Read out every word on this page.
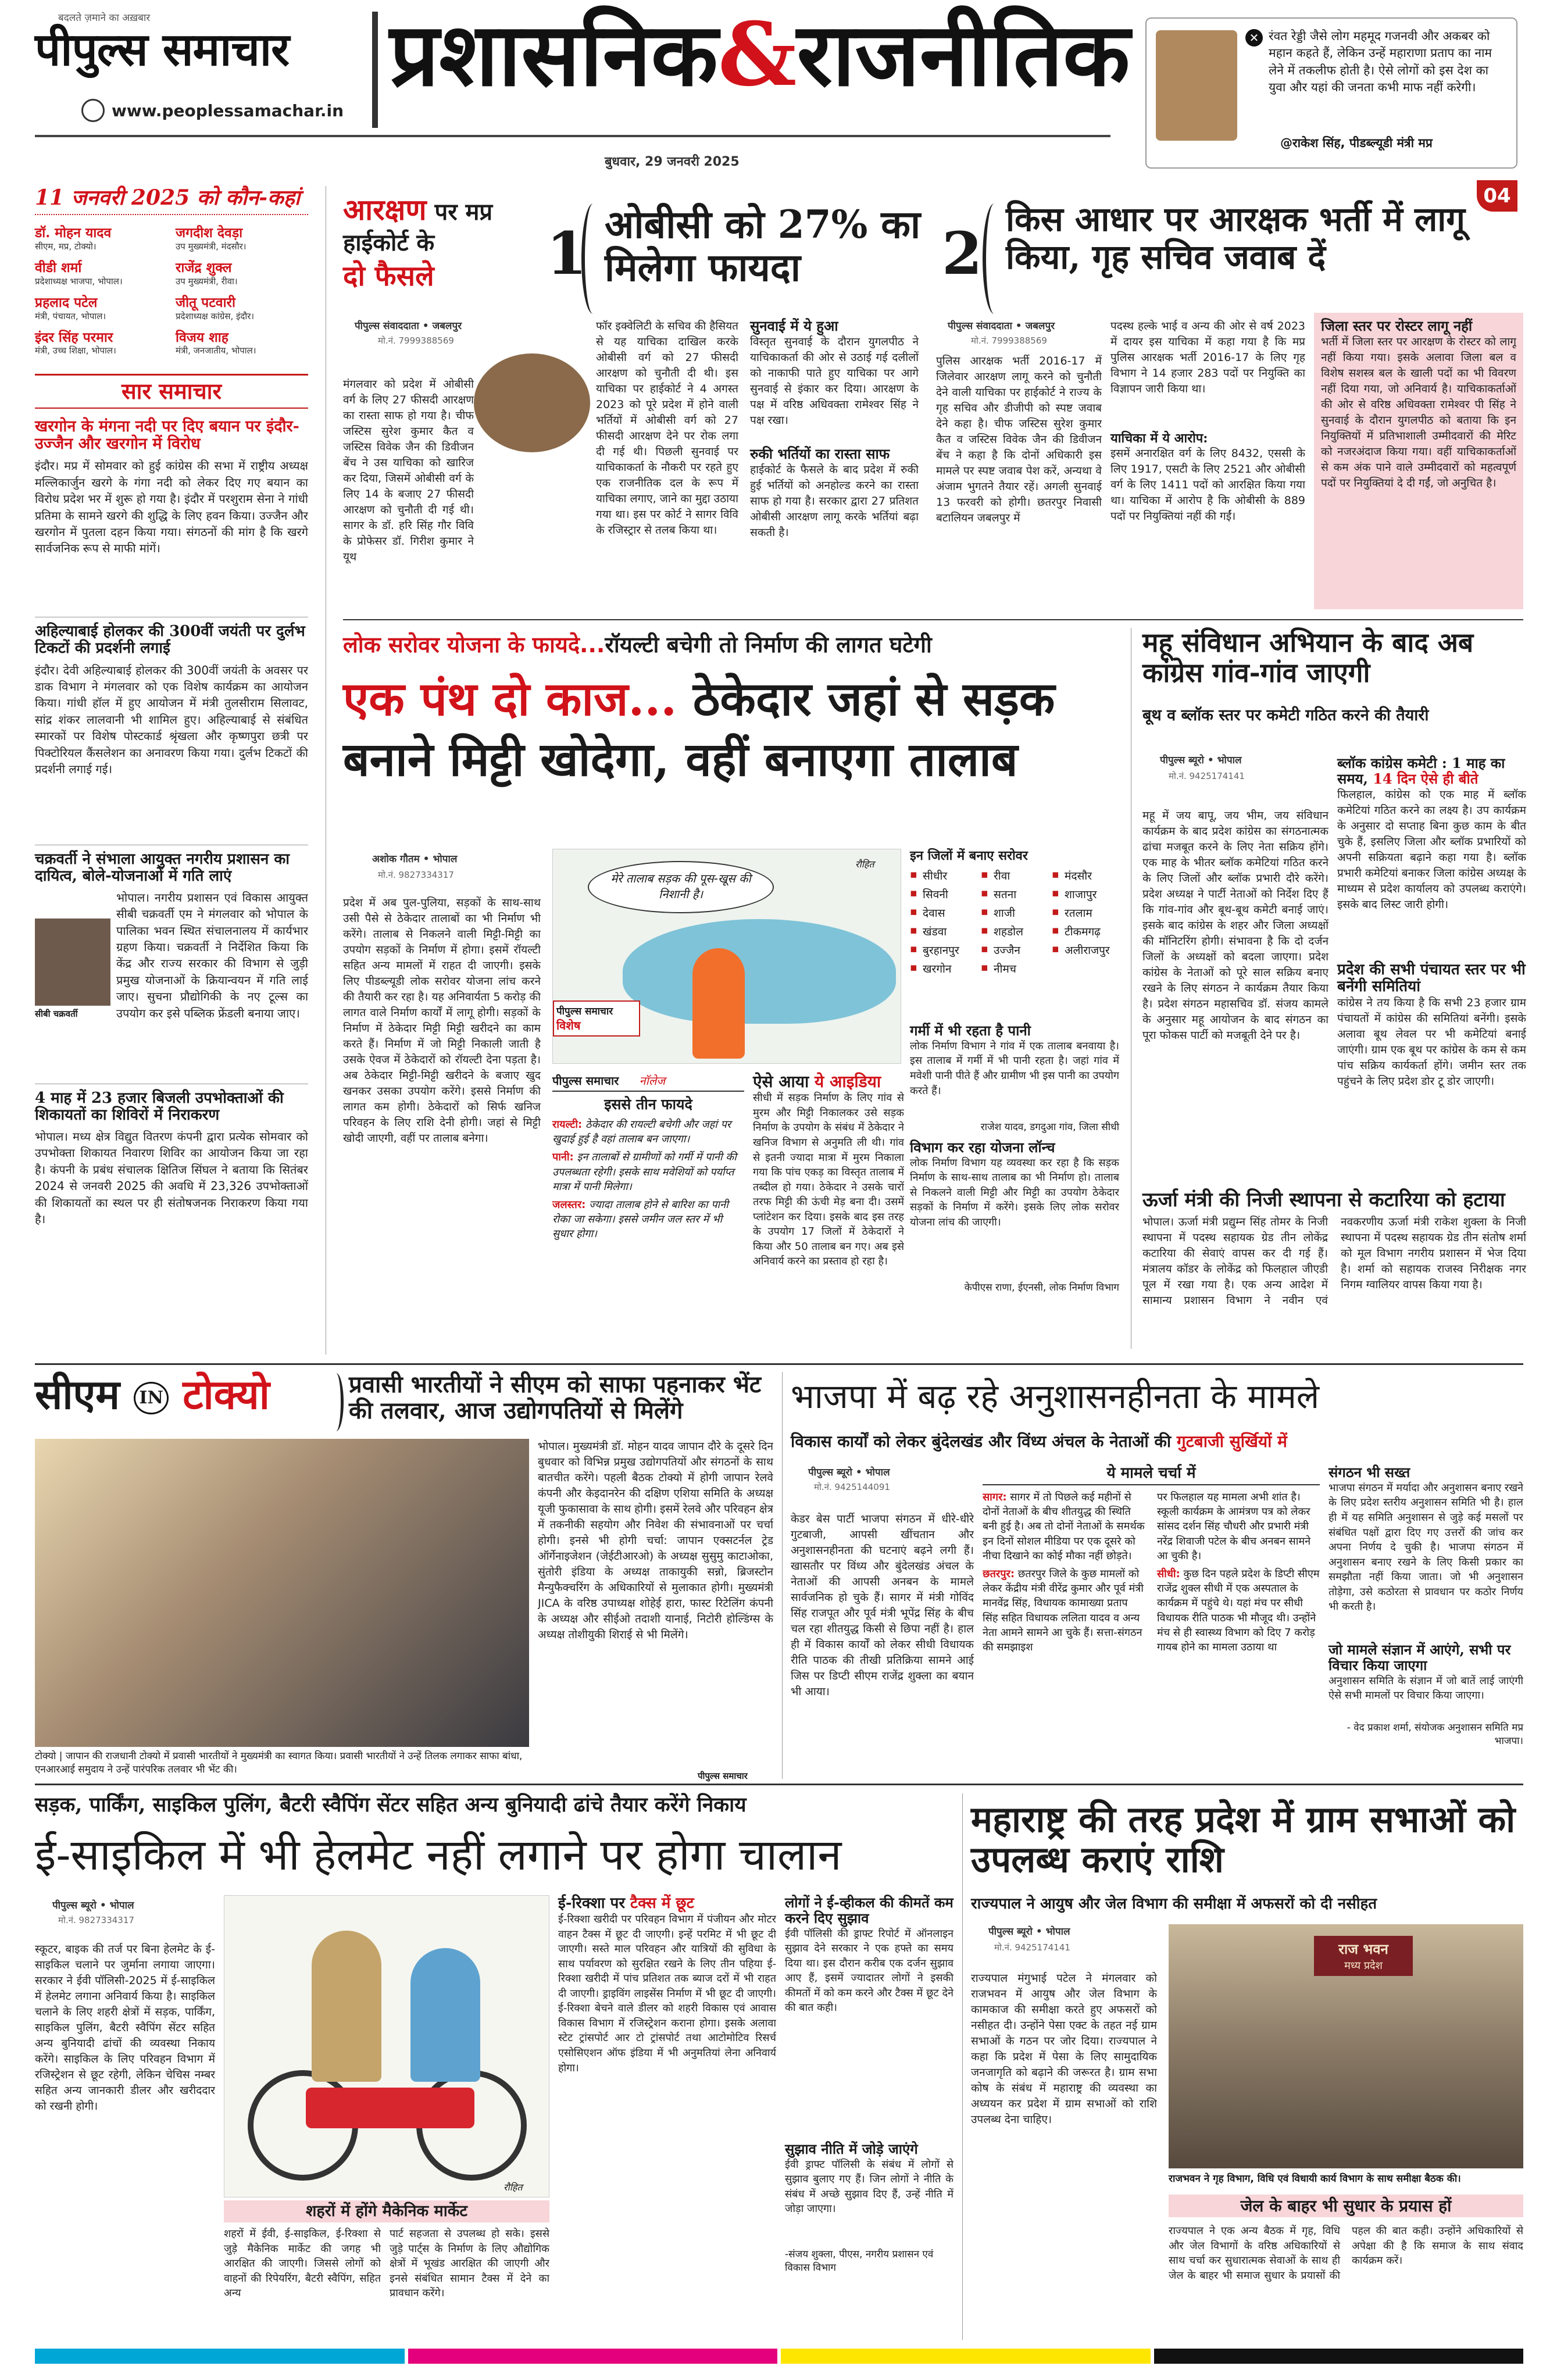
बदलते ज़माने का अख़बार
पीपुल्स समाचार
www.peoplessamachar.in
प्रशासनिक&राजनीतिक	✕ रंवत रेड्डी जैसे लोग महमूद गजनवी और अकबर को महान कहते हैं, लेकिन उन्हें महाराणा प्रताप का नाम लेने में तकलीफ होती है। ऐसे लोगों को इस देश का युवा और यहां की जनता कभी माफ नहीं करेगी।
@राकेश सिंह, पीडब्ल्यूडी मंत्री मप्र
बुधवार, 29 जनवरी 2025
04
11 जनवरी 2025 को कौन-कहां
डॉ. मोहन यादव
सीएम, मप्र, टोक्यो।
जगदीश देवड़ा
उप मुख्यमंत्री, मंदसौर।
वीडी शर्मा
प्रदेशाध्यक्ष भाजपा, भोपाल।
राजेंद्र शुक्ल
उप मुख्यमंत्री, रीवा।
प्रहलाद पटेल
मंत्री, पंचायत, भोपाल।
जीतू पटवारी
प्रदेशाध्यक्ष कांग्रेस, इंदौर।
इंदर सिंह परमार
मंत्री, उच्च शिक्षा, भोपाल।
विजय शाह
मंत्री, जनजातीय, भोपाल।
सार समाचार
खरगोन के मंगना नदी पर दिए बयान पर इंदौर-उज्जैन और खरगोन में विरोध
इंदौर। मप्र में सोमवार को हुई कांग्रेस की सभा में राष्ट्रीय अध्यक्ष मल्लिकार्जुन खरगे के गंगा नदी को लेकर दिए गए बयान का विरोध प्रदेश भर में शुरू हो गया है। इंदौर में परशुराम सेना ने गांधी प्रतिमा के सामने खरगे की शुद्धि के लिए हवन किया। उज्जैन और खरगोन में पुतला दहन किया गया। संगठनों की मांग है कि खरगे सार्वजनिक रूप से माफी मांगें।
अहिल्याबाई होलकर की 300वीं जयंती पर दुर्लभ टिकटों की प्रदर्शनी लगाई
इंदौर। देवी अहिल्याबाई होलकर की 300वीं जयंती के अवसर पर डाक विभाग ने मंगलवार को एक विशेष कार्यक्रम का आयोजन किया। गांधी हॉल में हुए आयोजन में मंत्री तुलसीराम सिलावट, सांद्र शंकर लालवानी भी शामिल हुए। अहिल्याबाई से संबंधित स्मारकों पर विशेष पोस्टकार्ड श्रृंखला और कृष्णपुरा छत्री पर पिक्टोरियल कैंसलेशन का अनावरण किया गया। दुर्लभ टिकटों की प्रदर्शनी लगाई गई।
चक्रवर्ती ने संभाला आयुक्त नगरीय प्रशासन का दायित्व, बोले-योजनाओं में गति लाएं
सीबी चक्रवर्ती
भोपाल। नगरीय प्रशासन एवं विकास आयुक्त सीबी चक्रवर्ती एम ने मंगलवार को भोपाल के पालिका भवन स्थित संचालनालय में कार्यभार ग्रहण किया। चक्रवर्ती ने निर्देशित किया कि केंद्र और राज्य सरकार की विभाग से जुड़ी प्रमुख योजनाओं के क्रियान्वयन में गति लाई जाए। सुचना प्रौद्योगिकी के नए टूल्स का उपयोग कर इसे पब्लिक फ्रेंडली बनाया जाए।
4 माह में 23 हजार बिजली उपभोक्ताओं की शिकायतों का शिविरों में निराकरण
भोपाल। मध्य क्षेत्र विद्युत वितरण कंपनी द्वारा प्रत्येक सोमवार को उपभोक्ता शिकायत निवारण शिविर का आयोजन किया जा रहा है। कंपनी के प्रबंध संचालक क्षितिज सिंघल ने बताया कि सितंबर 2024 से जनवरी 2025 की अवधि में 23,326 उपभोक्ताओं की शिकायतों का स्थल पर ही संतोषजनक निराकरण किया गया है।
आरक्षण पर मप्र हाईकोर्ट के
दो फैसले	1 ओबीसी को 27% का मिलेगा फायदा	2 किस आधार पर आरक्षक भर्ती में लागू किया, गृह सचिव जवाब दें
पीपुल्स संवाददाता • जबलपुर
मो.नं. 7999388569
मंगलवार को प्रदेश में ओबीसी वर्ग के लिए 27 फीसदी आरक्षण का रास्ता साफ हो गया है। चीफ जस्टिस सुरेश कुमार कैत व जस्टिस विवेक जैन की डिवीजन बेंच ने उस याचिका को खारिज कर दिया, जिसमें ओबीसी वर्ग के लिए 14 के बजाए 27 फीसदी आरक्षण को चुनौती दी गई थी। सागर के डॉ. हरि सिंह गौर विवि के प्रोफेसर डॉ. गिरीश कुमार ने यूथ
फॉर इक्वेलिटी के सचिव की हैसियत से यह याचिका दाखिल करके ओबीसी वर्ग को 27 फीसदी आरक्षण को चुनौती दी थी। इस याचिका पर हाईकोर्ट ने 4 अगस्त 2023 को पूरे प्रदेश में होने वाली भर्तियों में ओबीसी वर्ग को 27 फीसदी आरक्षण देने पर रोक लगा दी गई थी। पिछली सुनवाई पर याचिकाकर्ता के नौकरी पर रहते हुए एक राजनीतिक दल के रूप में याचिका लगाए, जाने का मुद्दा उठाया गया था। इस पर कोर्ट ने सागर विवि के रजिस्ट्रार से तलब किया था।
सुनवाई में ये हुआ
विस्तृत सुनवाई के दौरान युगलपीठ ने याचिकाकर्ता की ओर से उठाई गई दलीलों को नाकाफी पाते हुए याचिका पर आगे सुनवाई से इंकार कर दिया। आरक्षण के पक्ष में वरिष्ठ अधिवक्ता रामेश्वर सिंह ने पक्ष रखा।
रुकी भर्तियों का रास्ता साफ
हाईकोर्ट के फैसले के बाद प्रदेश में रुकी हुई भर्तियों को अनहोल्ड करने का रास्ता साफ हो गया है। सरकार द्वारा 27 प्रतिशत ओबीसी आरक्षण लागू करके भर्तियां बढ़ा सकती है।
पीपुल्स संवाददाता • जबलपुर
मो.नं. 7999388569
पुलिस आरक्षक भर्ती 2016-17 में जिलेवार आरक्षण लागू करने को चुनौती देने वाली याचिका पर हाईकोर्ट ने राज्य के गृह सचिव और डीजीपी को स्पष्ट जवाब देने कहा है। चीफ जस्टिस सुरेश कुमार कैत व जस्टिस विवेक जैन की डिवीजन बेंच ने कहा है कि दोनों अधिकारी इस मामले पर स्पष्ट जवाब पेश करें, अन्यथा वे अंजाम भुगतने तैयार रहें। अगली सुनवाई 13 फरवरी को होगी। छतरपुर निवासी बटालियन जबलपुर में
पदस्थ हल्के भाई व अन्य की ओर से वर्ष 2023 में दायर इस याचिका में कहा गया है कि मप्र पुलिस आरक्षक भर्ती 2016-17 के लिए गृह विभाग ने 14 हजार 283 पदों पर नियुक्ति का विज्ञापन जारी किया था।
याचिका में ये आरोप:
इसमें अनारक्षित वर्ग के लिए 8432, एससी के लिए 1917, एसटी के लिए 2521 और ओबीसी वर्ग के लिए 1411 पदों को आरक्षित किया गया था। याचिका में आरोप है कि ओबीसी के 889 पदों पर नियुक्तियां नहीं की गईं।
जिला स्तर पर रोस्टर लागू नहीं
भर्ती में जिला स्तर पर आरक्षण के रोस्टर को लागू नहीं किया गया। इसके अलावा जिला बल व विशेष सशस्त्र बल के खाली पदों का भी विवरण नहीं दिया गया, जो अनिवार्य है। याचिकाकर्ताओं की ओर से वरिष्ठ अधिवक्ता रामेश्वर पी सिंह ने सुनवाई के दौरान युगलपीठ को बताया कि इन नियुक्तियों में प्रतिभाशाली उम्मीदवारों की मेरिट को नजरअंदाज किया गया। वहीं याचिकाकर्ताओं से कम अंक पाने वाले उम्मीदवारों को महत्वपूर्ण पदों पर नियुक्तियां दे दी गईं, जो अनुचित है।
लोक सरोवर योजना के फायदे...रॉयल्टी बचेगी तो निर्माण की लागत घटेगी
एक पंथ दो काज... ठेकेदार जहां से सड़क बनाने मिट्टी खोदेगा, वहीं बनाएगा तालाब
अशोक गौतम • भोपाल
मो.नं. 9827334317
प्रदेश में अब पुल-पुलिया, सड़कों के साथ-साथ उसी पैसे से ठेकेदार तालाबों का भी निर्माण भी करेंगे। तालाब से निकलने वाली मिट्टी-मिट्टी का उपयोग सड़कों के निर्माण में होगा। इसमें रॉयल्टी सहित अन्य मामलों में राहत दी जाएगी। इसके लिए पीडब्ल्यूडी लोक सरोवर योजना लांच करने की तैयारी कर रहा है। यह अनिवार्यता 5 करोड़ की लागत वाले निर्माण कार्यों में लागू होगी। सड़कों के निर्माण में ठेकेदार मिट्टी मिट्टी खरीदने का काम करते हैं। निर्माण में जो मिट्टी निकाली जाती है उसके ऐवज में ठेकेदारों को रॉयल्टी देना पड़ता है। अब ठेकेदार मिट्टी-मिट्टी खरीदने के बजाए खुद खनकर उसका उपयोग करेंगे। इससे निर्माण की लागत कम होगी। ठेकेदारों को सिर्फ खनिज परिवहन के लिए राशि देनी होगी। जहां से मिट्टी खोदी जाएगी, वहीं पर तालाब बनेगा।
मेरे तालाब सड़क की पूस-खूस की निशानी है।
रौहित
पीपुल्स समाचार
विशेष
इन जिलों में बनाए सरोवर
▪ सीधीर	▪ रीवा	▪ मंदसौर
▪ सिवनी	▪ सतना	▪ शाजापुर
▪ देवास	▪ शाजी	▪ रतलाम
▪ खंडवा	▪ शहडोल	▪ टीकमगढ़
▪ बुरहानपुर	▪ उज्जैन	▪ अलीराजपुर
▪ खरगोन	▪ नीमच
गर्मी में भी रहता है पानी
लोक निर्माण विभाग ने गांव में एक तालाब बनवाया है। इस तालाब में गर्मी में भी पानी रहता है। जहां गांव में मवेशी पानी पीते हैं और ग्रामीण भी इस पानी का उपयोग करते हैं।
राजेश यादव, डगदुआ गांव, जिला सीधी
विभाग कर रहा योजना लॉन्च
लोक निर्माण विभाग यह व्यवस्था कर रहा है कि सड़क निर्माण के साथ-साथ तालाब का भी निर्माण हो। तालाब से निकलने वाली मिट्टी और मिट्टी का उपयोग ठेकेदार सड़कों के निर्माण में करेंगे। इसके लिए लोक सरोवर योजना लांच की जाएगी।
केपीएस राणा, ईएनसी, लोक निर्माण विभाग
पीपुल्स समाचार नॉलेज
इससे तीन फायदे
रायल्टी: ठेकेदार की रायल्टी बचेगी और जहां पर खुदाई हुई है वहां तालाब बन जाएगा।
पानी: इन तालाबों से ग्रामीणों को गर्मी में पानी की उपलब्धता रहेगी। इसके साथ मवेशियों को पर्याप्त मात्रा में पानी मिलेगा।
जलस्तर: ज्यादा तालाब होने से बारिश का पानी रोका जा सकेगा। इससे जमीन जल स्तर में भी सुधार होगा।
ऐसे आया ये आइडिया
सीधी में सड़क निर्माण के लिए गांव से मुरम और मिट्टी निकालकर उसे सड़क निर्माण के उपयोग के संबंध में ठेकेदार ने खनिज विभाग से अनुमति ली थी। गांव से इतनी ज्यादा मात्रा में मुरम निकाला गया कि पांच एकड़ का विस्तृत तालाब में तब्दील हो गया। ठेकेदार ने उसके चारों तरफ मिट्टी की ऊंची मेड़ बना दी। उसमें प्लांटेशन कर दिया। इसके बाद इस तरह के उपयोग 17 जिलों में ठेकेदारों ने किया और 50 तालाब बन गए। अब इसे अनिवार्य करने का प्रस्ताव हो रहा है।
महू संविधान अभियान के बाद अब कांग्रेस गांव-गांव जाएगी
बूथ व ब्लॉक स्तर पर कमेटी गठित करने की तैयारी
पीपुल्स ब्यूरो • भोपाल
मो.नं. 9425174141
महू में जय बापू, जय भीम, जय संविधान कार्यक्रम के बाद प्रदेश कांग्रेस का संगठनात्मक ढांचा मजबूत करने के लिए नेता सक्रिय होंगे। एक माह के भीतर ब्लॉक कमेटियां गठित करने के लिए जिलों और ब्लॉक प्रभारी दौरे करेंगे। प्रदेश अध्यक्ष ने पार्टी नेताओं को निर्देश दिए हैं कि गांव-गांव और बूथ-बूथ कमेटी बनाई जाएं। इसके बाद कांग्रेस के शहर और जिला अध्यक्षों की मॉनिटरिंग होगी। संभावना है कि दो दर्जन जिलों के अध्यक्षों को बदला जाएगा। प्रदेश कांग्रेस के नेताओं को पूरे साल सक्रिय बनाए रखने के लिए संगठन ने कार्यक्रम तैयार किया है। प्रदेश संगठन महासचिव डॉ. संजय कामले के अनुसार महू आयोजन के बाद संगठन का पूरा फोकस पार्टी को मजबूती देने पर है।
ब्लॉक कांग्रेस कमेटी : 1 माह का समय, 14 दिन ऐसे ही बीते
फिलहाल, कांग्रेस को एक माह में ब्लॉक कमेटियां गठित करने का लक्ष्य है। उप कार्यक्रम के अनुसार दो सप्ताह बिना कुछ काम के बीत चुके हैं, इसलिए जिला और ब्लॉक प्रभारियों को अपनी सक्रियता बढ़ाने कहा गया है। ब्लॉक प्रभारी कमेटियां बनाकर जिला कांग्रेस अध्यक्ष के माध्यम से प्रदेश कार्यालय को उपलब्ध कराएंगे। इसके बाद लिस्ट जारी होगी।
प्रदेश की सभी पंचायत स्तर पर भी बनेंगी समितियां
कांग्रेस ने तय किया है कि सभी 23 हजार ग्राम पंचायतों में कांग्रेस की समितियां बनेंगी। इसके अलावा बूथ लेवल पर भी कमेटियां बनाई जाएंगी। ग्राम एक बूथ पर कांग्रेस के कम से कम पांच सक्रिय कार्यकर्ता होंगे। जमीन स्तर तक पहुंचने के लिए प्रदेश डोर टू डोर जाएगी।
ऊर्जा मंत्री की निजी स्थापना से कटारिया को हटाया
भोपाल। ऊर्जा मंत्री प्रद्युम्न सिंह तोमर के निजी स्थापना में पदस्थ सहायक ग्रेड तीन लोकेंद्र कटारिया की सेवाएं वापस कर दी गई हैं। मंत्रालय कॉडर के लोकेंद्र को फिलहाल जीएडी पूल में रखा गया है। एक अन्य आदेश में सामान्य प्रशासन विभाग ने नवीन एवं नवकरणीय ऊर्जा मंत्री राकेश शुक्ला के निजी स्थापना में पदस्थ सहायक ग्रेड तीन संतोष शर्मा को मूल विभाग नगरीय प्रशासन में भेज दिया है। शर्मा को सहायक राजस्व निरीक्षक नगर निगम ग्वालियर वापस किया गया है।
सीएम IN टोक्यो	प्रवासी भारतीयों ने सीएम को साफा पहनाकर भेंट की तलवार, आज उद्योगपतियों से मिलेंगे
टोक्यो | जापान की राजधानी टोक्यो में प्रवासी भारतीयों ने मुख्यमंत्री का स्वागत किया। प्रवासी भारतीयों ने उन्हें तिलक लगाकर साफा बांधा, एनआरआई समुदाय ने उन्हें पारंपरिक तलवार भी भेंट की।
भोपाल। मुख्यमंत्री डॉ. मोहन यादव जापान दौरे के दूसरे दिन बुधवार को विभिन्न प्रमुख उद्योगपतियों और संगठनों के साथ बातचीत करेंगे। पहली बैठक टोक्यो में होगी जापान रेलवे कंपनी और केइदानरेन की दक्षिण एशिया समिति के अध्यक्ष यूजी फुकासावा के साथ होगी। इसमें रेलवे और परिवहन क्षेत्र में तकनीकी सहयोग और निवेश की संभावनाओं पर चर्चा होगी। इनसे भी होगी चर्चा: जापान एक्सटर्नल ट्रेड ऑर्गेनाइजेशन (जेईटीआरओ) के अध्यक्ष सुसुमु काटाओका, सुंतोरी इंडिया के अध्यक्ष ताकायुकी सन्नो, ब्रिजस्टोन मैन्युफैक्चरिंग के अधिकारियों से मुलाकात होगी। मुख्यमंत्री JICA के वरिष्ठ उपाध्यक्ष शोहेई हारा, फास्ट रिटेलिंग कंपनी के अध्यक्ष और सीईओ तदाशी यानाई, निटोरी होल्डिंग्स के अध्यक्ष तोशीयुकी शिराई से भी मिलेंगे।
पीपुल्स समाचार
भाजपा में बढ़ रहे अनुशासनहीनता के मामले
विकास कार्यों को लेकर बुंदेलखंड और विंध्य अंचल के नेताओं की गुटबाजी सुर्खियों में
पीपुल्स ब्यूरो • भोपाल
मो.नं. 9425144091
केडर बेस पार्टी भाजपा संगठन में धीरे-धीरे गुटबाजी, आपसी खींचतान और अनुशासनहीनता की घटनाएं बढ़ने लगी हैं। खासतौर पर विंध्य और बुंदेलखंड अंचल के नेताओं की आपसी अनबन के मामले सार्वजनिक हो चुके हैं। सागर में मंत्री गोविंद सिंह राजपूत और पूर्व मंत्री भूपेंद्र सिंह के बीच चल रहा शीतयुद्ध किसी से छिपा नहीं है। हाल ही में विकास कार्यों को लेकर सीधी विधायक रीति पाठक की तीखी प्रतिक्रिया सामने आई जिस पर डिप्टी सीएम राजेंद्र शुक्ला का बयान भी आया।
ये मामले चर्चा में

सागर: सागर में तो पिछले कई महीनों से दोनों नेताओं के बीच शीतयुद्ध की स्थिति बनी हुई है। अब तो दोनों नेताओं के समर्थक इन दिनों सोशल मीडिया पर एक दूसरे को नीचा दिखाने का कोई मौका नहीं छोड़ते।

छतरपुर: छतरपुर जिले के कुछ मामलों को लेकर केंद्रीय मंत्री वीरेंद्र कुमार और पूर्व मंत्री मानवेंद्र सिंह, विधायक कामाख्या प्रताप सिंह सहित विधायक ललिता यादव व अन्य नेता आमने सामने आ चुके हैं। सत्ता-संगठन की समझाइश

पर फिलहाल यह मामला अभी शांत है। स्कूली कार्यक्रम के आमंत्रण पत्र को लेकर सांसद दर्शन सिंह चौधरी और प्रभारी मंत्री नरेंद्र शिवाजी पटेल के बीच अनबन सामने आ चुकी है।

सीधी: कुछ दिन पहले प्रदेश के डिप्टी सीएम राजेंद्र शुक्ल सीधी में एक अस्पताल के कार्यक्रम में पहुंचे थे। यहां मंच पर सीधी विधायक रीति पाठक भी मौजूद थी। उन्होंने मंच से ही स्वास्थ्य विभाग को दिए 7 करोड़ गायब होने का मामला उठाया था

संगठन भी सख्त
भाजपा संगठन में मर्यादा और अनुशासन बनाए रखने के लिए प्रदेश स्तरीय अनुशासन समिति भी है। हाल ही में यह समिति अनुशासन से जुड़े कई मसलों पर संबंधित पक्षों द्वारा दिए गए उत्तरों की जांच कर अपना निर्णय दे चुकी है। भाजपा संगठन में अनुशासन बनाए रखने के लिए किसी प्रकार का समझौता नहीं किया जाता। जो भी अनुशासन तोड़ेगा, उसे कठोरता से प्रावधान पर कठोर निर्णय भी करती है।
जो मामले संज्ञान में आएंगे, सभी पर विचार किया जाएगा
अनुशासन समिति के संज्ञान में जो बातें लाई जाएंगी ऐसे सभी मामलों पर विचार किया जाएगा।
- वेद प्रकाश शर्मा, संयोजक अनुशासन समिति मप्र भाजपा।
सड़क, पार्किंग, साइकिल पुलिंग, बैटरी स्वैपिंग सेंटर सहित अन्य बुनियादी ढांचे तैयार करेंगे निकाय
ई-साइकिल में भी हेलमेट नहीं लगाने पर होगा चालान
पीपुल्स ब्यूरो • भोपाल
मो.नं. 9827334317
स्कूटर, बाइक की तर्ज पर बिना हेलमेट के ई-साइकिल चलाने पर जुर्माना लगाया जाएगा। सरकार ने ईवी पॉलिसी-2025 में ई-साइकिल में हेलमेट लगाना अनिवार्य किया है। साइकिल चलाने के लिए शहरी क्षेत्रों में सड़क, पार्किंग, साइकिल पुलिंग, बैटरी स्वैपिंग सेंटर सहित अन्य बुनियादी ढांचों की व्यवस्था निकाय करेंगे। साइकिल के लिए परिवहन विभाग में रजिस्ट्रेशन से छूट रहेगी, लेकिन चेचिस नम्बर सहित अन्य जानकारी डीलर और खरीददार को रखनी होगी।
रौहित
शहरों में होंगे मैकेनिक मार्केट
शहरों में ईवी, ई-साइकिल, ई-रिक्शा से जुड़े मैकेनिक मार्केट की जगह भी आरक्षित की जाएगी। जिससे लोगों को वाहनों की रिपेयरिंग, बैटरी स्वैपिंग, सहित अन्य
पार्ट सहजता से उपलब्ध हो सके। इससे जुड़े पार्ट्स के निर्माण के लिए औद्योगिक क्षेत्रों में भूखंड आरक्षित की जाएगी और इनसे संबंधित सामान टैक्स में देने का प्रावधान करेंगे।
ई-रिक्शा पर टैक्स में छूट
ई-रिक्शा खरीदी पर परिवहन विभाग में पंजीयन और मोटर वाहन टैक्स में छूट दी जाएगी। इन्हें परमिट में भी छूट दी जाएगी। सस्ते माल परिवहन और यात्रियों की सुविधा के साथ पर्यावरण को सुरक्षित रखने के लिए तीन पहिया ई-रिक्शा खरीदी में पांच प्रतिशत तक ब्याज दरों में भी राहत दी जाएगी। ड्राइविंग लाइसेंस निर्माण में भी छूट दी जाएगी। ई-रिक्शा बेचने वाले डीलर को शहरी विकास एवं आवास विकास विभाग में रजिस्ट्रेशन कराना होगा। इसके अलावा स्टेट ट्रांसपोर्ट आर टो ट्रांसपोर्ट तथा आटोमोटिव रिसर्च एसोसिएशन ऑफ इंडिया में भी अनुमतियां लेना अनिवार्य होगा।
लोगों ने ई-व्हीकल की कीमतें कम करने दिए सुझाव
ईवी पॉलिसी की ड्राफ्ट रिपोर्ट में ऑनलाइन सुझाव देने सरकार ने एक हफ्ते का समय दिया था। इस दौरान करीब एक दर्जन सुझाव आए हैं, इसमें ज्यादातर लोगों ने इसकी कीमतों में को कम करने और टैक्स में छूट देने की बात कही।
सुझाव नीति में जोड़े जाएंगे
ईवी ड्राफ्ट पॉलिसी के संबंध में लोगों से सुझाव बुलाए गए हैं। जिन लोगों ने नीति के संबंध में अच्छे सुझाव दिए हैं, उन्हें नीति में जोड़ा जाएगा।
-संजय शुक्ला, पीएस, नगरीय प्रशासन एवं विकास विभाग
महाराष्ट्र की तरह प्रदेश में ग्राम सभाओं को उपलब्ध कराएं राशि
राज्यपाल ने आयुष और जेल विभाग की समीक्षा में अफसरों को दी नसीहत
पीपुल्स ब्यूरो • भोपाल
मो.नं. 9425174141
राज्यपाल मंगुभाई पटेल ने मंगलवार को राजभवन में आयुष और जेल विभाग के कामकाज की समीक्षा करते हुए अफसरों को नसीहत दी। उन्होंने पेसा एक्ट के तहत नई ग्राम सभाओं के गठन पर जोर दिया। राज्यपाल ने कहा कि प्रदेश में पेसा के लिए सामुदायिक जनजागृति को बढ़ाने की जरूरत है। ग्राम सभा कोष के संबंध में महाराष्ट्र की व्यवस्था का अध्ययन कर प्रदेश में ग्राम सभाओं को राशि उपलब्ध देना चाहिए।
राज भवन
मध्य प्रदेश
राजभवन ने गृह विभाग, विधि एवं विधायी कार्य विभाग के साथ समीक्षा बैठक की।
जेल के बाहर भी सुधार के प्रयास हों
राज्यपाल ने एक अन्य बैठक में गृह, विधि और जेल विभागों के वरिष्ठ अधिकारियों से साथ चर्चा कर सुधारात्मक सेवाओं के साथ ही जेल के बाहर भी समाज सुधार के प्रयासों की पहल की बात कही। उन्होंने अधिकारियों से अपेक्षा की है कि समाज के साथ संवाद कार्यक्रम करें।
